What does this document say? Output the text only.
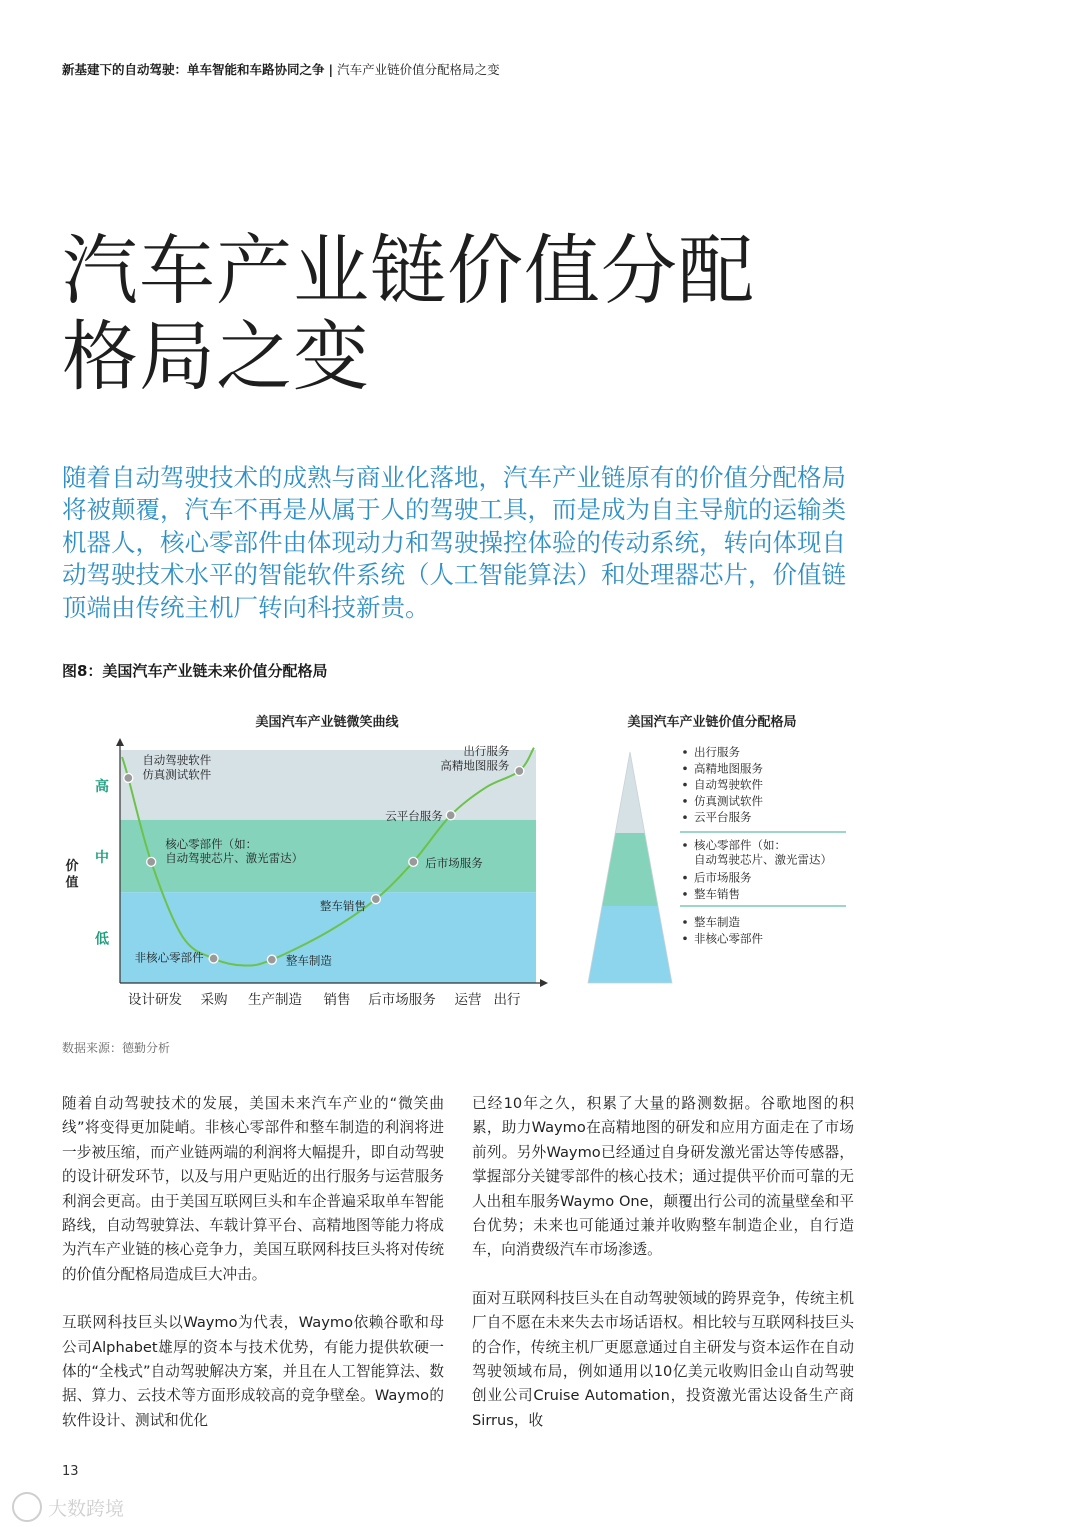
新基建下的自动驾驶：单车智能和车路协同之争 | 汽车产业链价值分配格局之变
汽车产业链价值分配
格局之变

随着自动驾驶技术的成熟与商业化落地，汽车产业链原有的价值分配格局将被颠覆，汽车不再是从属于人的驾驶工具，而是成为自主导航的运输类机器人，核心零部件由体现动力和驾驶操控体验的传动系统，转向体现自动驾驶技术水平的智能软件系统（人工智能算法）和处理器芯片，价值链顶端由传统主机厂转向科技新贵。

图8：美国汽车产业链未来价值分配格局
高
中
低
美国汽车产业链微笑曲线
价值
设计研发 采购 生产制造 销售 后市场服务 运营 出行
自动驾驶软件仿真测试软件
核心零部件（如：自动驾驶芯片、激光雷达）
非核心零部件	整车制造
整车销售
后市场服务
云平台服务
出行服务高精地图服务
美国汽车产业链价值分配格局
出行服务
高精地图服务
自动驾驶软件
仿真测试软件
云平台服务
核心零部件（如：自动驾驶芯片、激光雷达）
后市场服务
整车销售
整车制造
非核心零部件
数据来源：德勤分析

随着自动驾驶技术的发展，美国未来汽车产业的“微笑曲线”将变得更加陡峭。非核心零部件和整车制造的利润将进一步被压缩，而产业链两端的利润将大幅提升，即自动驾驶的设计研发环节，以及与用户更贴近的出行服务与运营服务利润会更高。由于美国互联网巨头和车企普遍采取单车智能路线，自动驾驶算法、车载计算平台、高精地图等能力将成为汽车产业链的核心竞争力，美国互联网科技巨头将对传统的价值分配格局造成巨大冲击。

互联网科技巨头以Waymo为代表，Waymo依赖谷歌和母公司Alphabet雄厚的资本与技术优势，有能力提供软硬一体的“全栈式”自动驾驶解决方案，并且在人工智能算法、数据、算力、云技术等方面形成较高的竞争壁垒。Waymo的软件设计、测试和优化

已经10年之久，积累了大量的路测数据。谷歌地图的积累，助力Waymo在高精地图的研发和应用方面走在了市场前列。另外Waymo已经通过自身研发激光雷达等传感器，掌握部分关键零部件的核心技术；通过提供平价而可靠的无人出租车服务Waymo One，颠覆出行公司的流量壁垒和平台优势；未来也可能通过兼并收购整车制造企业，自行造车，向消费级汽车市场渗透。

面对互联网科技巨头在自动驾驶领域的跨界竞争，传统主机厂自不愿在未来失去市场话语权。相比较与互联网科技巨头的合作，传统主机厂更愿意通过自主研发与资本运作在自动驾驶领域布局，例如通用以10亿美元收购旧金山自动驾驶创业公司Cruise Automation，投资激光雷达设备生产商Sirrus，收

13
大数跨境
